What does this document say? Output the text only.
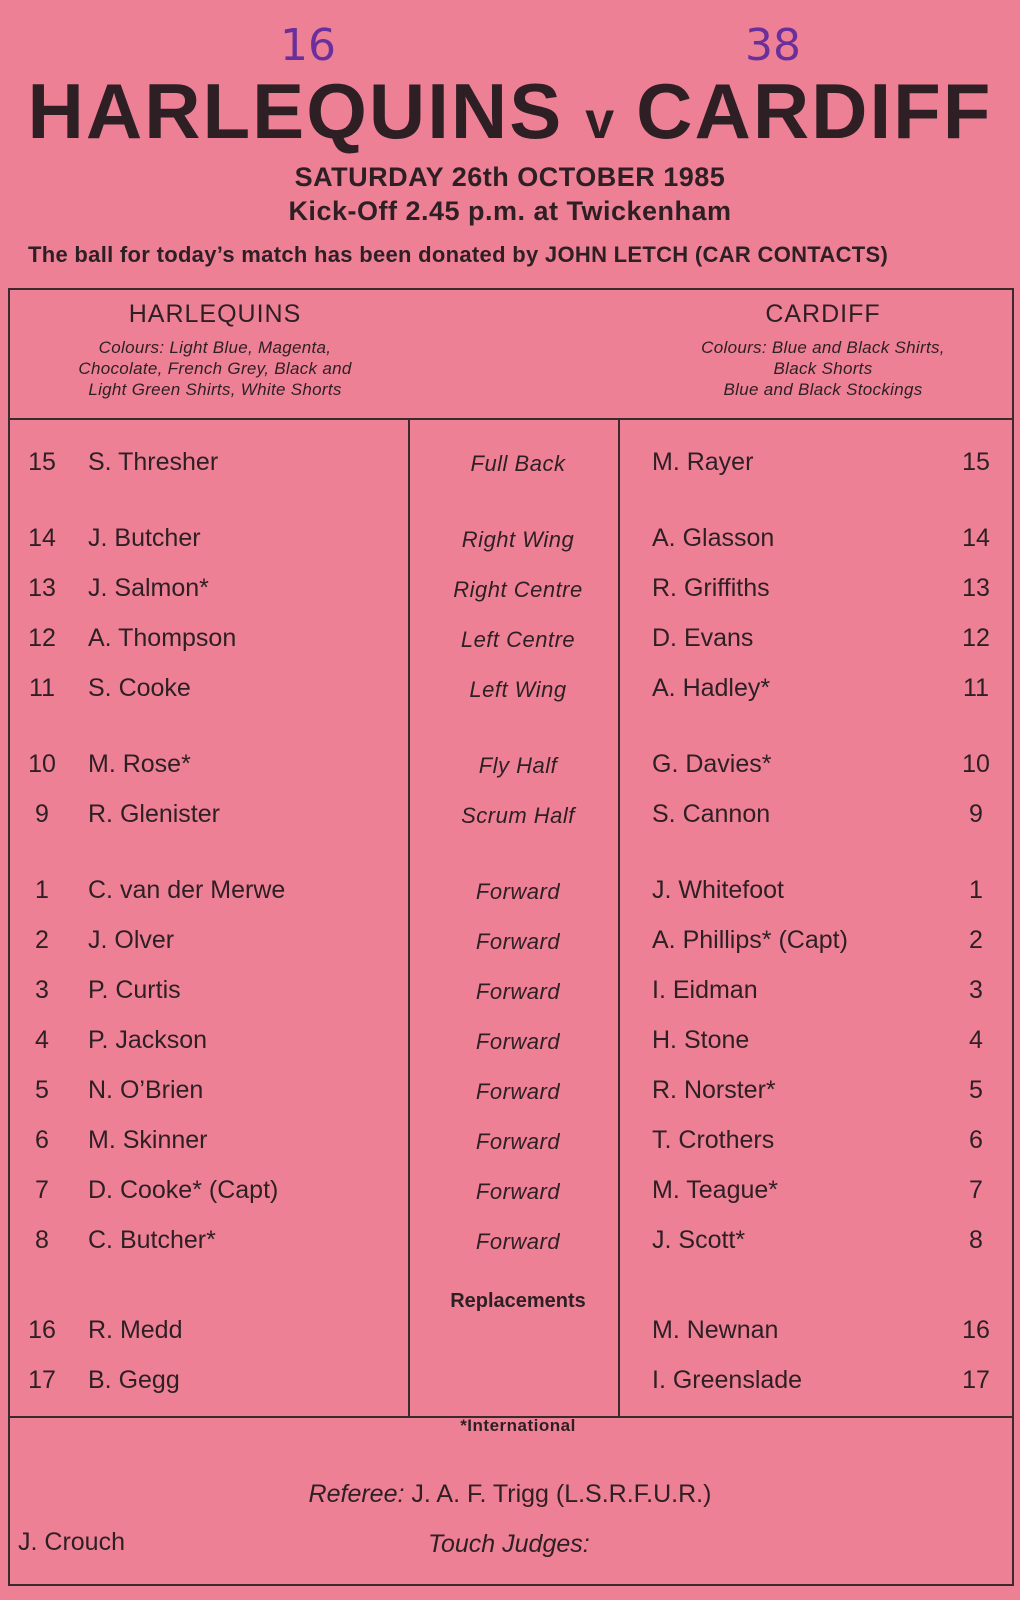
16	38
HARLEQUINS v CARDIFF
SATURDAY 26th OCTOBER 1985
Kick-Off 2.45 p.m. at Twickenham
The ball for today’s match has been donated by JOHN LETCH (CAR CONTACTS)
HARLEQUINS
Colours: Light Blue, Magenta,
Chocolate, French Grey, Black and
Light Green Shirts, White Shorts
CARDIFF
Colours: Blue and Black Shirts,
Black Shorts
Blue and Black Stockings
15	S. Thresher	Full Back	M. Rayer	15
14	J. Butcher	Right Wing	A. Glasson	14
13	J. Salmon*	Right Centre	R. Griffiths	13
12	A. Thompson	Left Centre	D. Evans	12
11	S. Cooke	Left Wing	A. Hadley*	11
10	M. Rose*	Fly Half	G. Davies*	10
9	R. Glenister	Scrum Half	S. Cannon	9
1	C. van der Merwe	Forward	J. Whitefoot	1
2	J. Olver	Forward	A. Phillips* (Capt)	2
3	P. Curtis	Forward	I. Eidman	3
4	P. Jackson	Forward	H. Stone	4
5	N. O’Brien	Forward	R. Norster*	5
6	M. Skinner	Forward	T. Crothers	6
7	D. Cooke* (Capt)	Forward	M. Teague*	7
8	C. Butcher*	Forward	J. Scott*	8
Replacements
16	R. Medd	M. Newnan	16
17	B. Gegg	I. Greenslade	17
*International
Referee: J. A. F. Trigg (L.S.R.F.U.R.)
J. Crouch	Touch Judges:
